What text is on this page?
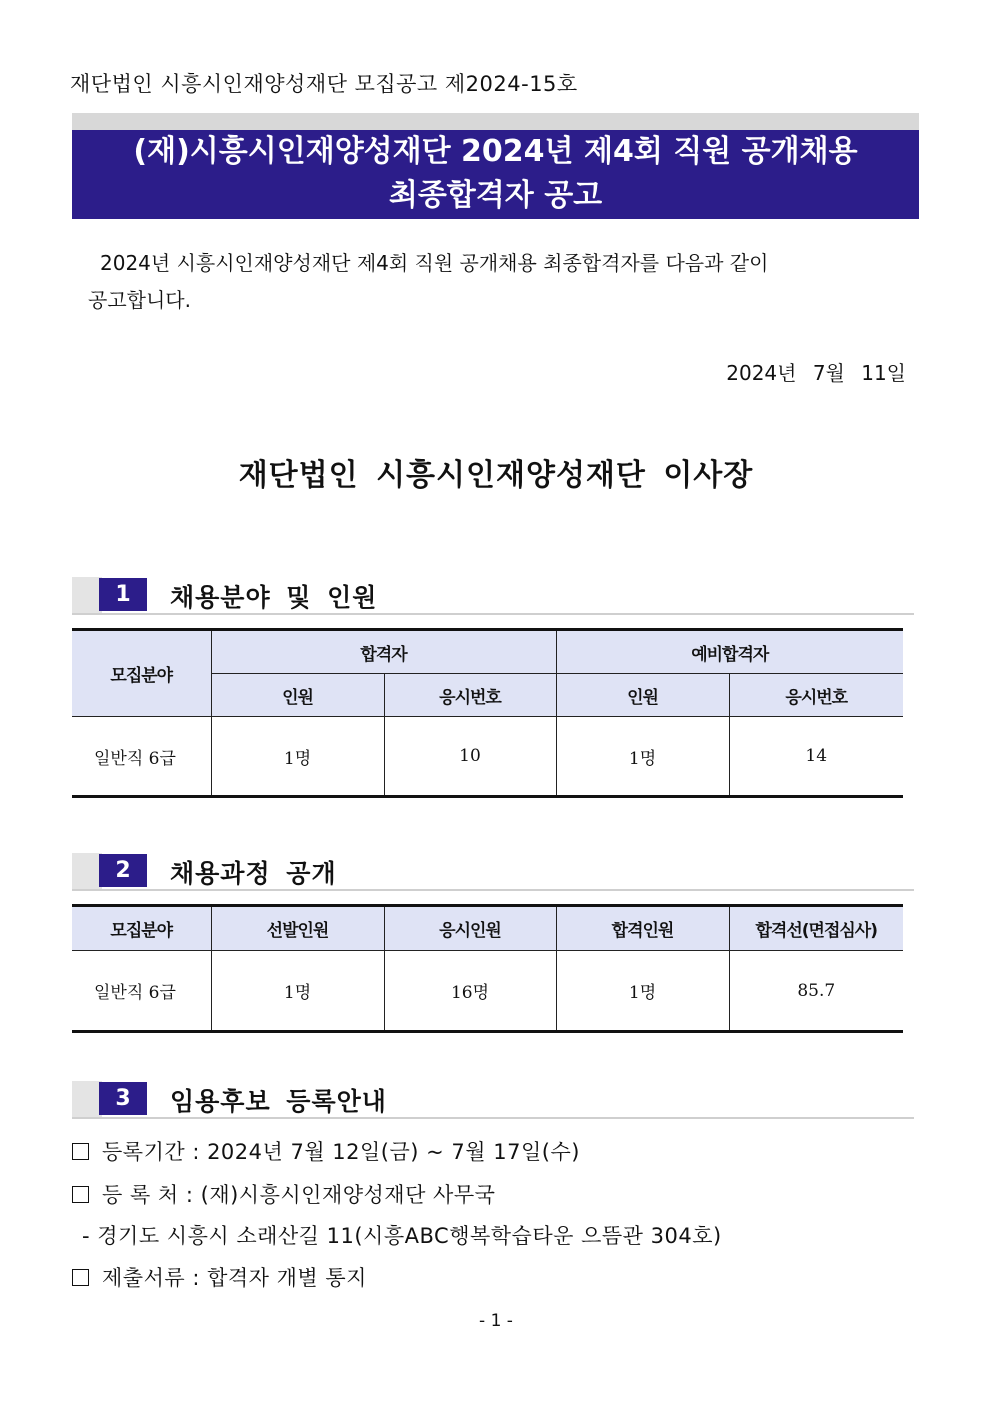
재단법인 시흥시인재양성재단 모집공고 제2024-15호
(재)시흥시인재양성재단 2024년 제4회 직원 공개채용
최종합격자 공고
2024년 시흥시인재양성재단 제4회 직원 공개채용 최종합격자를 다음과 같이
공고합니다.
2024년 7월 11일
재단법인 시흥시인재양성재단 이사장
1	채용분야 및 인원
모집분야	합격자		예비합격자	
	인원	응시번호	인원	응시번호
일반직 6급	1명	10	1명	14
2	채용과정 공개
모집분야	선발인원	응시인원	합격인원	합격선(면접심사)
일반직 6급	1명	16명	1명	85.7
3	임용후보 등록안내
등록기간 : 2024년 7월 12일(금) ~ 7월 17일(수)
등 록 처 : (재)시흥시인재양성재단 사무국
- 경기도 시흥시 소래산길 11(시흥ABC행복학습타운 으뜸관 304호)
제출서류 : 합격자 개별 통지
- 1 -
